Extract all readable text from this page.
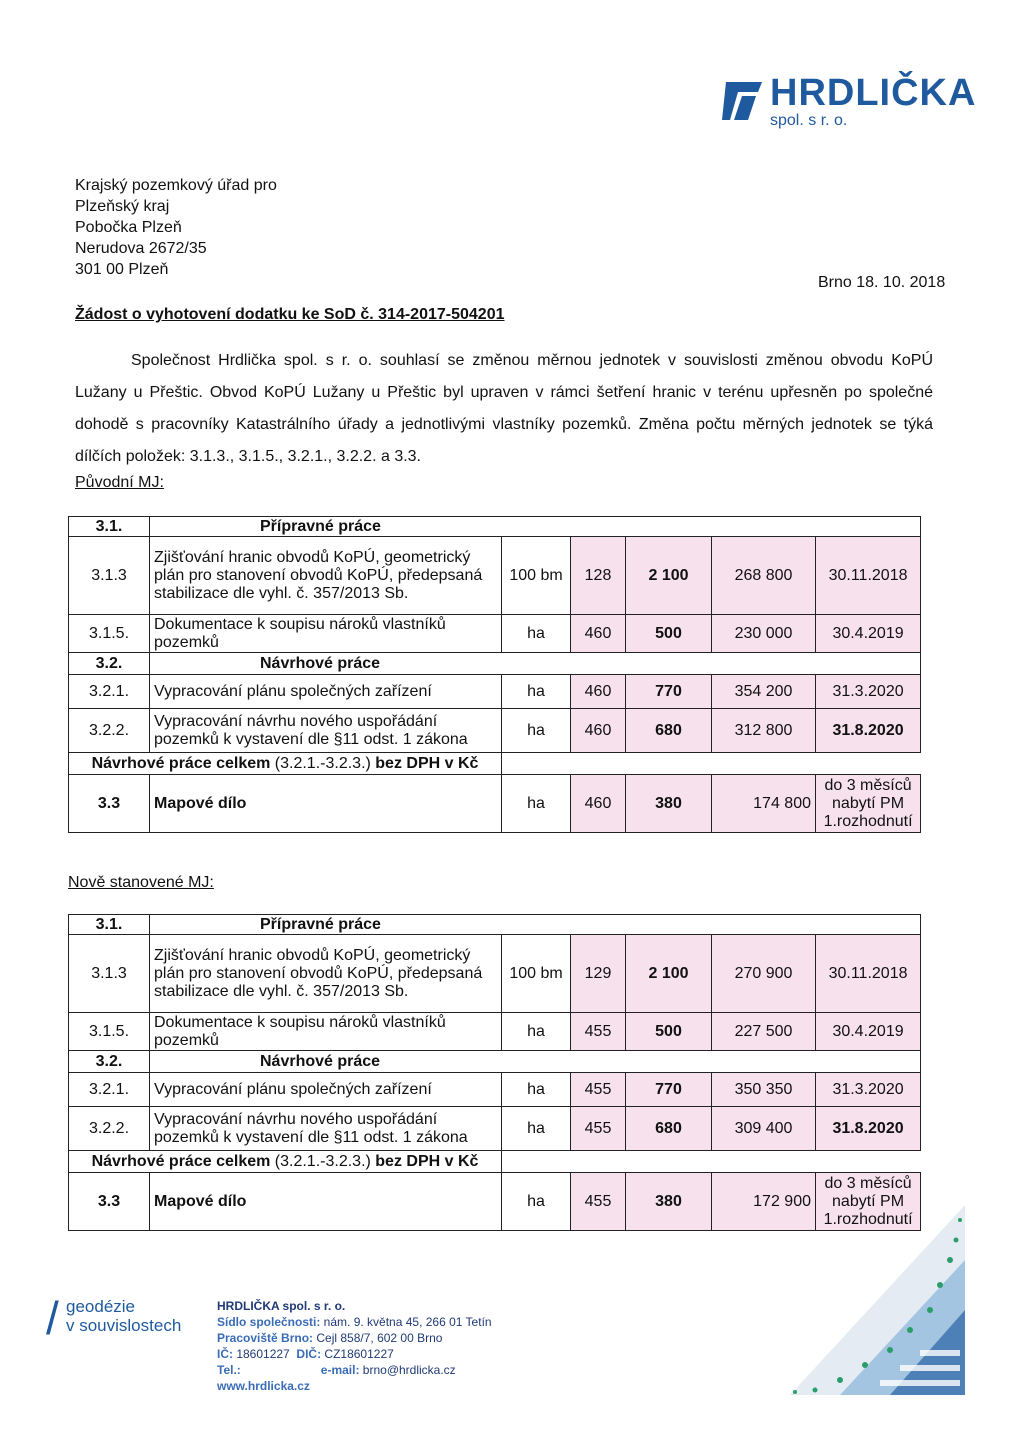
HRDLIČKA
spol. s r. o.
Krajský pozemkový úřad pro
Plzeňský kraj
Pobočka Plzeň
Nerudova 2672/35
301 00 Plzeň
Brno 18. 10. 2018
Žádost o vyhotovení dodatku ke SoD č. 314-2017-504201

Společnost Hrdlička spol. s r. o. souhlasí se změnou měrnou jednotek v souvislosti změnou obvodu KoPÚ Lužany u Přeštic. Obvod KoPÚ Lužany u Přeštic byl upraven v rámci šetření hranic v terénu upřesněn po společné dohodě s pracovníky Katastrálního úřady a jednotlivými vlastníky pozemků. Změna počtu měrných jednotek se týká dílčích položek: 3.1.3., 3.1.5., 3.2.1., 3.2.2. a 3.3.

Původní MJ:
3.1.	Přípravné práce					
3.1.3	Zjišťování hranic obvodů KoPÚ, geometrický plán pro stanovení obvodů KoPÚ, předepsaná stabilizace dle vyhl. č. 357/2013 Sb.	100 bm	128	2 100	268 800	30.11.2018
3.1.5.	Dokumentace k soupisu nároků vlastníků pozemků	ha	460	500	230 000	30.4.2019
3.2.	Návrhové práce					
3.2.1.	Vypracování plánu společných zařízení	ha	460	770	354 200	31.3.2020
3.2.2.	Vypracování návrhu nového uspořádání pozemků k vystavení dle §11 odst. 1 zákona	ha	460	680	312 800	31.8.2020
Návrhové práce celkem (3.2.1.-3.2.3.) bez DPH v Kč						
3.3	Mapové dílo	ha	460	380	174 800	do 3 měsíců
nabytí PM
1.rozhodnutí
Nově stanovené MJ:
3.1.	Přípravné práce					
3.1.3	Zjišťování hranic obvodů KoPÚ, geometrický plán pro stanovení obvodů KoPÚ, předepsaná stabilizace dle vyhl. č. 357/2013 Sb.	100 bm	129	2 100	270 900	30.11.2018
3.1.5.	Dokumentace k soupisu nároků vlastníků pozemků	ha	455	500	227 500	30.4.2019
3.2.	Návrhové práce					
3.2.1.	Vypracování plánu společných zařízení	ha	455	770	350 350	31.3.2020
3.2.2.	Vypracování návrhu nového uspořádání pozemků k vystavení dle §11 odst. 1 zákona	ha	455	680	309 400	31.8.2020
Návrhové práce celkem (3.2.1.-3.2.3.) bez DPH v Kč						
3.3	Mapové dílo	ha	455	380	172 900	do 3 měsíců
nabytí PM
1.rozhodnutí
/ geodézie
v souvislostech
HRDLIČKA spol. s r. o.
Sídlo společnosti: nám. 9. května 45, 266 01 Tetín
Pracoviště Brno: Cejl 858/7, 602 00 Brno
IČ: 18601227 DIČ: CZ18601227
Tel.:	e-mail: brno@hrdlicka.cz
www.hrdlicka.cz
